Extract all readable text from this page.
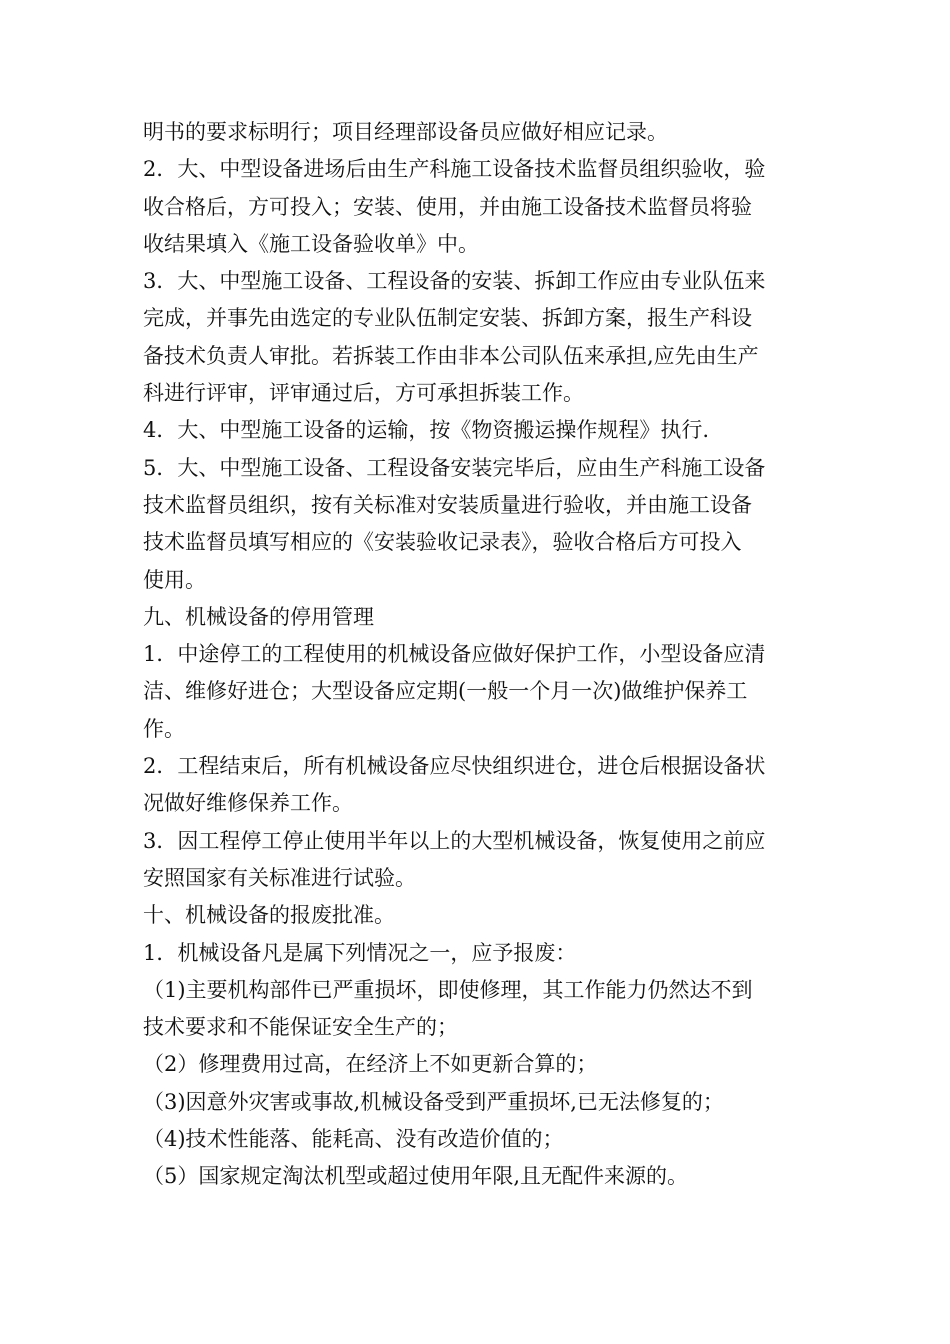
明书的要求标明行；项目经理部设备员应做好相应记录。
2．大、中型设备进场后由生产科施工设备技术监督员组织验收，验
收合格后，方可投入；安装、使用，并由施工设备技术监督员将验
收结果填入《施工设备验收单》中。
3．大、中型施工设备、工程设备的安装、拆卸工作应由专业队伍来
完成，并事先由选定的专业队伍制定安装、拆卸方案，报生产科设
备技术负责人审批。若拆装工作由非本公司队伍来承担,应先由生产
科进行评审，评审通过后，方可承担拆装工作。
4．大、中型施工设备的运输，按《物资搬运操作规程》执行.
5．大、中型施工设备、工程设备安装完毕后，应由生产科施工设备
技术监督员组织，按有关标准对安装质量进行验收，并由施工设备
技术监督员填写相应的《安装验收记录表》，验收合格后方可投入
使用。
九、机械设备的停用管理
1．中途停工的工程使用的机械设备应做好保护工作，小型设备应清
洁、维修好进仓；大型设备应定期(一般一个月一次)做维护保养工
作。
2．工程结束后，所有机械设备应尽快组织进仓，进仓后根据设备状
况做好维修保养工作。
3．因工程停工停止使用半年以上的大型机械设备，恢复使用之前应
安照国家有关标准进行试验。
十、机械设备的报废批准。
1．机械设备凡是属下列情况之一，应予报废：
（1)主要机构部件已严重损坏，即使修理，其工作能力仍然达不到
技术要求和不能保证安全生产的；
（2）修理费用过高，在经济上不如更新合算的；
（3)因意外灾害或事故,机械设备受到严重损坏,已无法修复的；
（4)技术性能落、能耗高、没有改造价值的；
（5）国家规定淘汰机型或超过使用年限,且无配件来源的。
